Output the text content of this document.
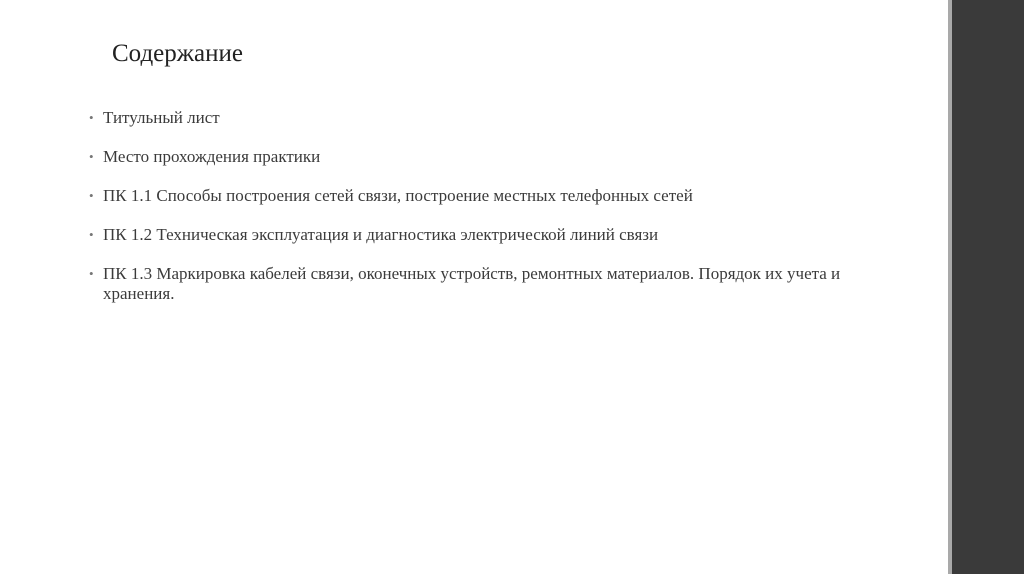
Содержание
• Титульный лист
• Место прохождения практики
• ПК 1.1 Способы построения сетей связи, построение местных телефонных сетей
• ПК 1.2 Техническая эксплуатация и диагностика электрической линий связи
• ПК 1.3 Маркировка кабелей связи, оконечных устройств, ремонтных материалов. Порядок их учета и хранения.
